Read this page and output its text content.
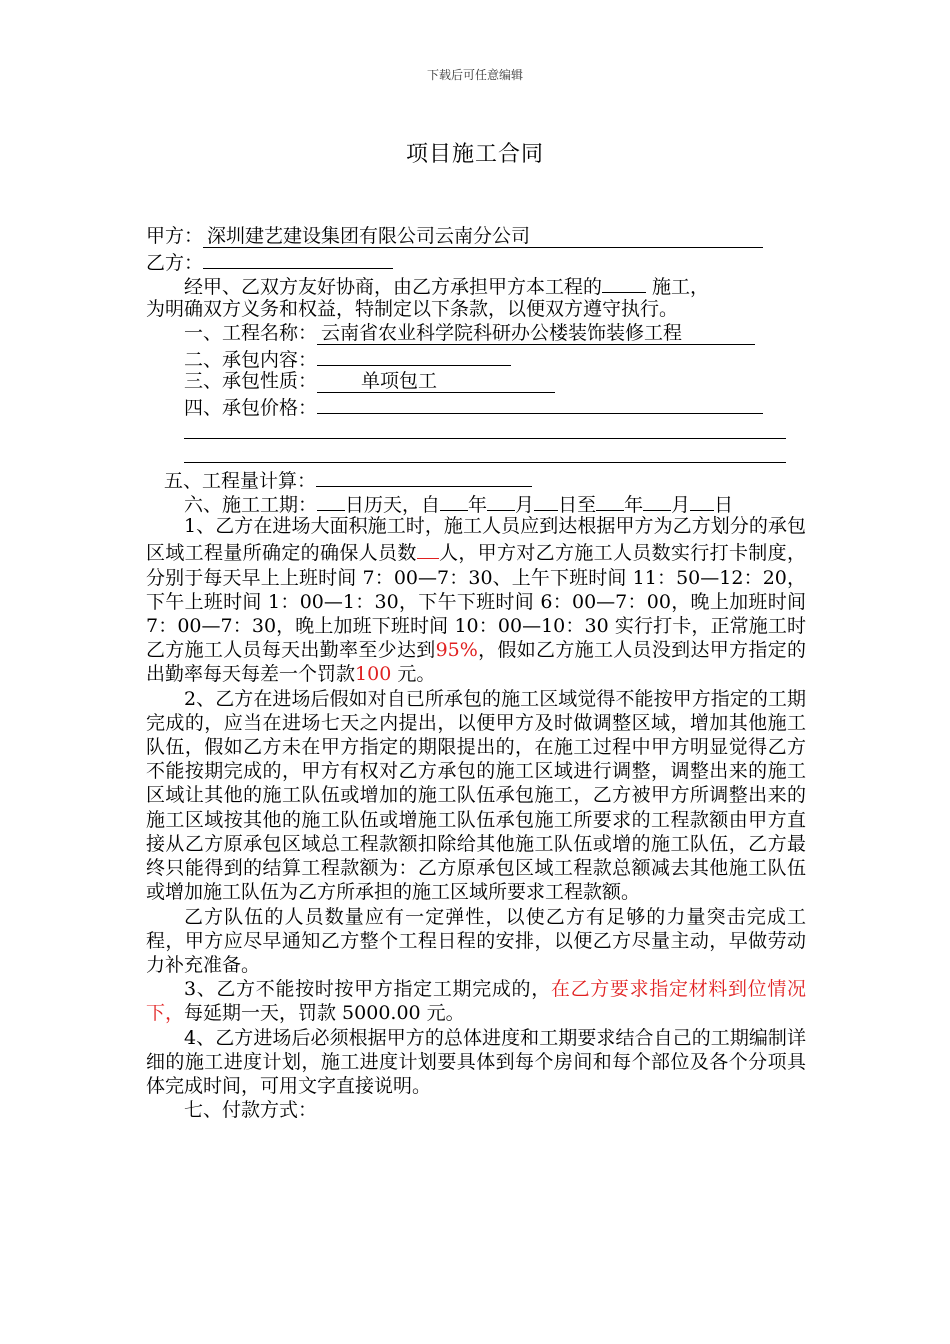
下载后可任意编辑
项目施工合同
甲方： 深圳建艺建设集团有限公司云南分公司
乙方：
经甲、乙双方友好协商，由乙方承担甲方本工程的 施工，
为明确双方义务和权益，特制定以下条款，以便双方遵守执行。
一、工程名称： 云南省农业科学院科研办公楼装饰装修工程
二、承包内容：
三、承包性质： 单项包工
四、承包价格：
五、工程量计算：
六、施工工期： 日历天，自 年 月 日至 年 月 日
1、乙方在进场大面积施工时，施工人员应到达根据甲方为乙方划分的承包区域工程量所确定的确保人员数 人，甲方对乙方施工人员数实行打卡制度，分别于每天早上上班时间 7：00—7：30、上午下班时间 11：50—12：20，下午上班时间 1：00—1：30，下午下班时间 6：00—7：00，晚上加班时间 7：00—7：30，晚上加班下班时间 10：00—10：30 实行打卡，正常施工时乙方施工人员每天出勤率至少达到95%，假如乙方施工人员没到达甲方指定的出勤率每天每差一个罚款100 元。
2、乙方在进场后假如对自已所承包的施工区域觉得不能按甲方指定的工期完成的，应当在进场七天之内提出，以便甲方及时做调整区域，增加其他施工队伍，假如乙方未在甲方指定的期限提出的，在施工过程中甲方明显觉得乙方不能按期完成的，甲方有权对乙方承包的施工区域进行调整，调整出来的施工区域让其他的施工队伍或增加的施工队伍承包施工，乙方被甲方所调整出来的施工区域按其他的施工队伍或增施工队伍承包施工所要求的工程款额由甲方直接从乙方原承包区域总工程款额扣除给其他施工队伍或增的施工队伍，乙方最终只能得到的结算工程款额为：乙方原承包区域工程款总额减去其他施工队伍或增加施工队伍为乙方所承担的施工区域所要求工程款额。
乙方队伍的人员数量应有一定弹性，以使乙方有足够的力量突击完成工程，甲方应尽早通知乙方整个工程日程的安排，以便乙方尽量主动，早做劳动力补充准备。
3、乙方不能按时按甲方指定工期完成的，在乙方要求指定材料到位情况下，每延期一天，罚款 5000.00 元。
4、乙方进场后必须根据甲方的总体进度和工期要求结合自己的工期编制详细的施工进度计划，施工进度计划要具体到每个房间和每个部位及各个分项具体完成时间，可用文字直接说明。
七、付款方式：
